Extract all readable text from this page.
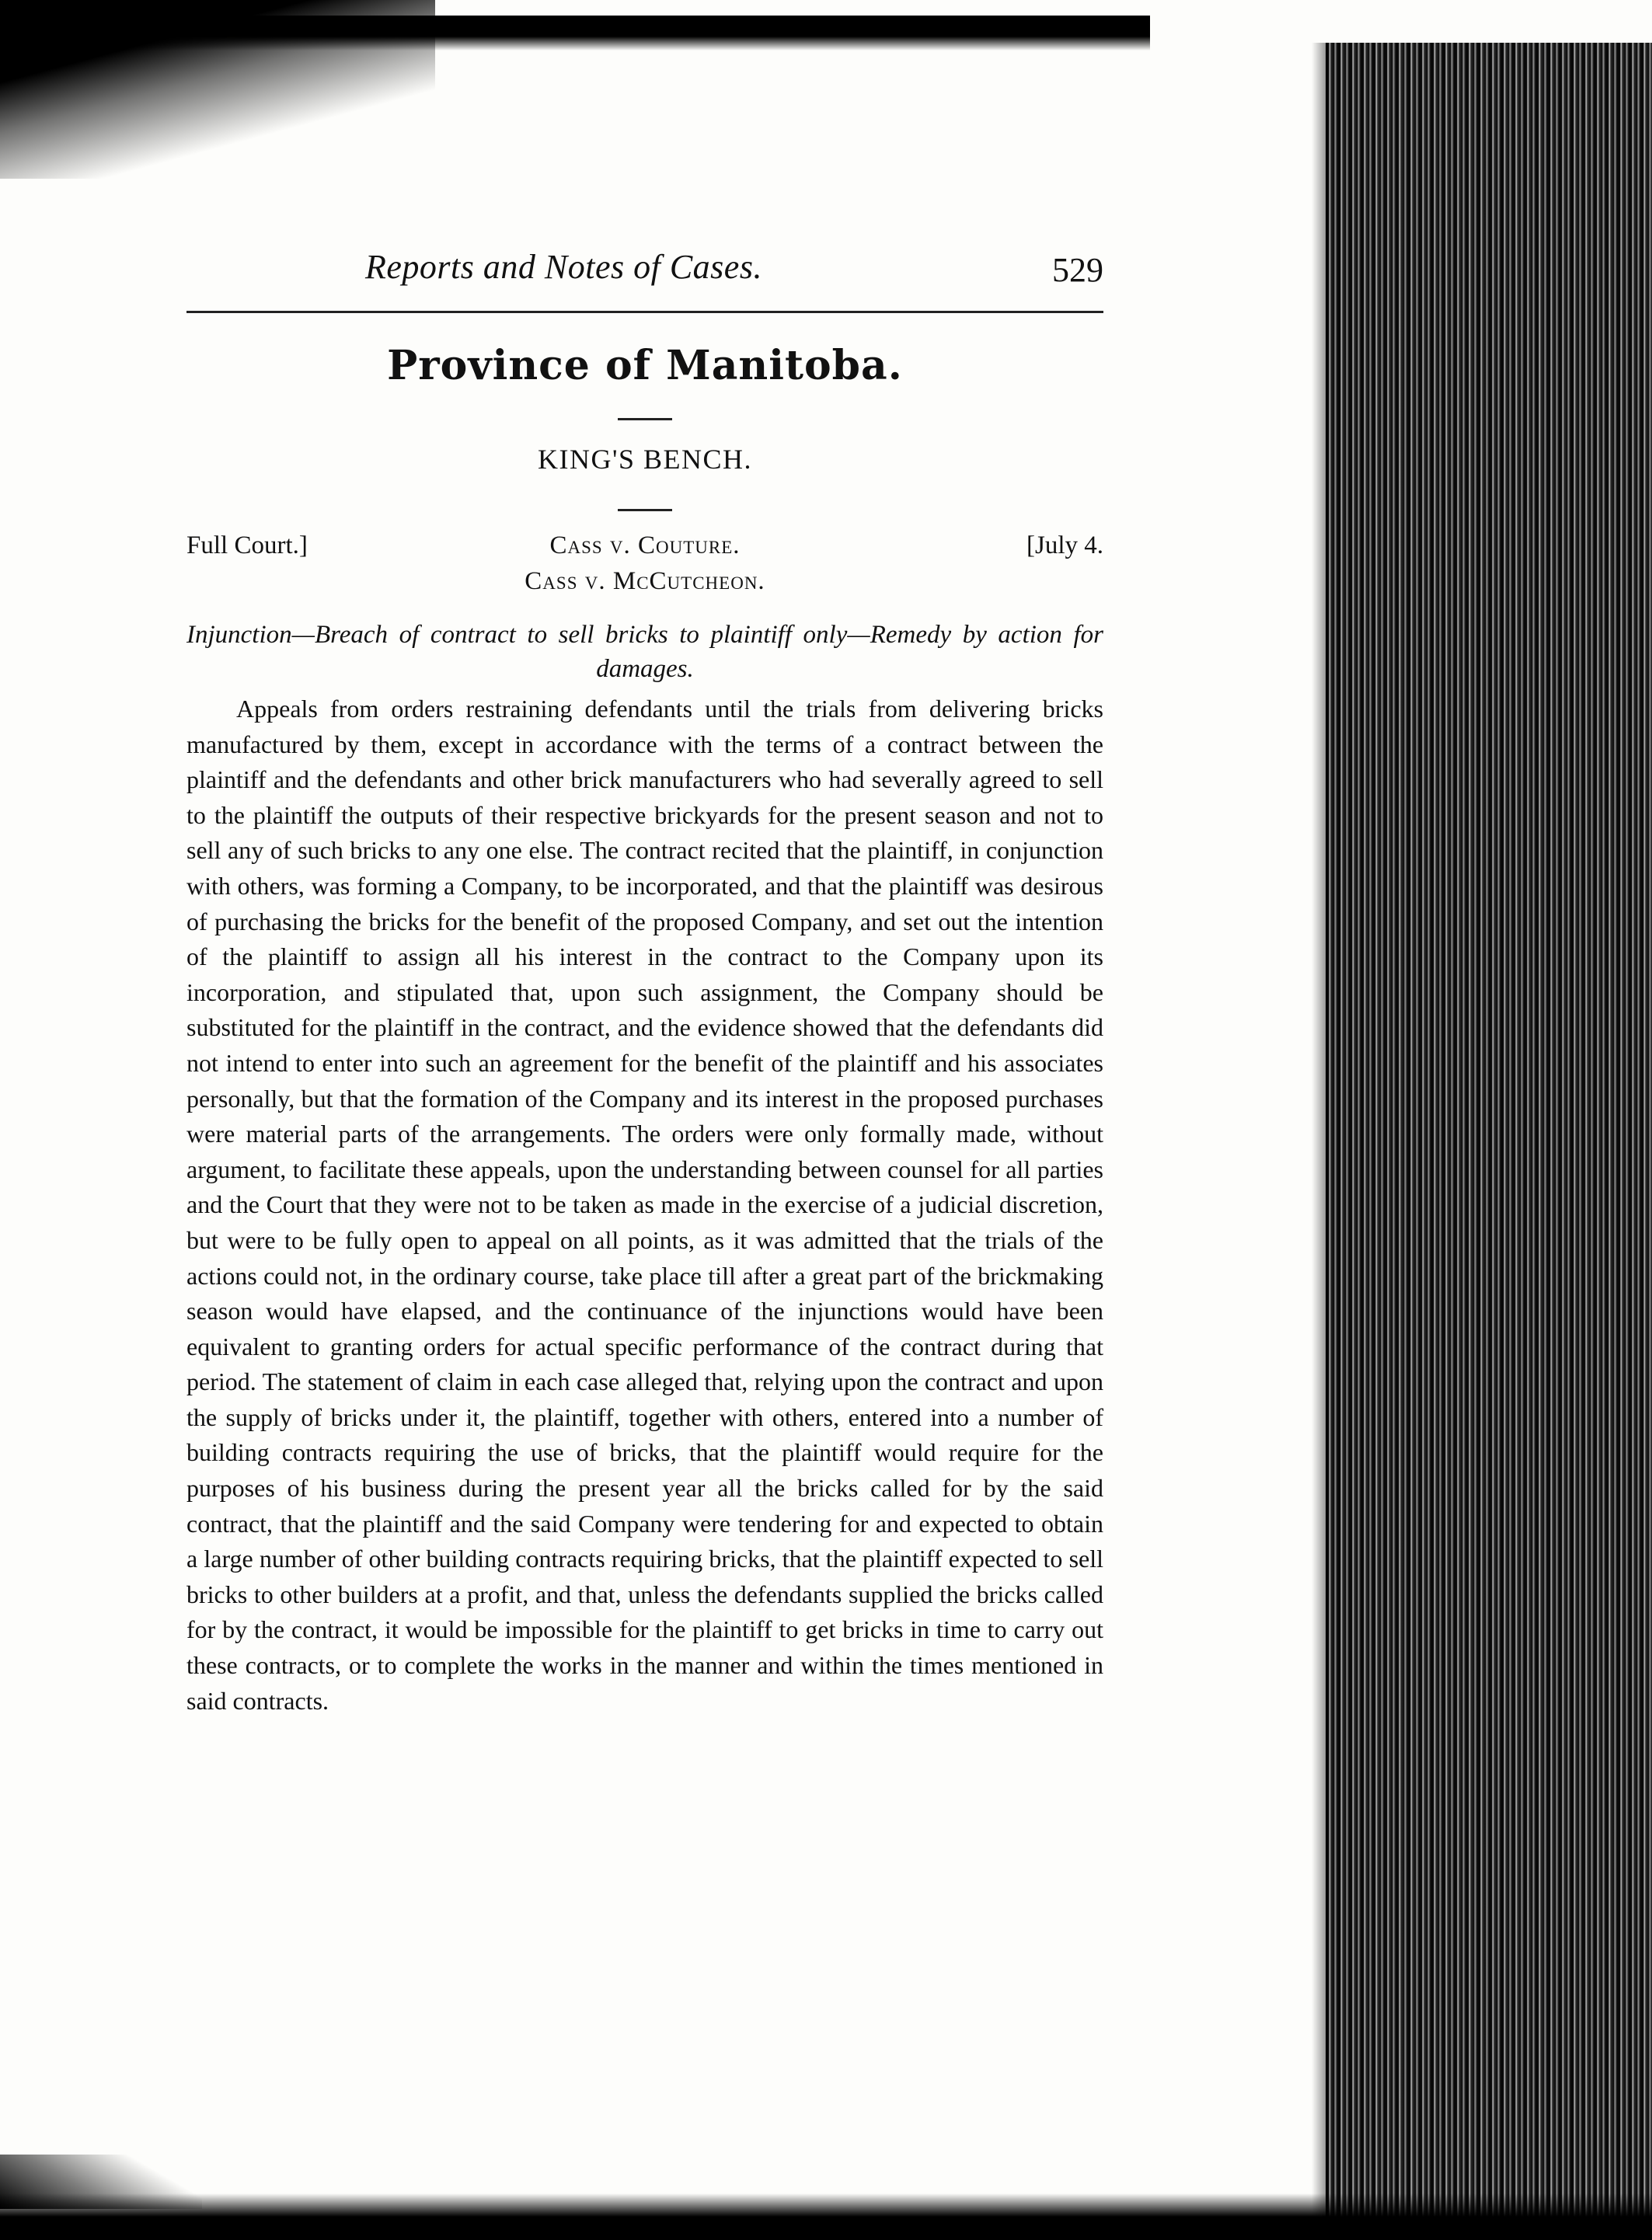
Reports and Notes of Cases.	529
Province of Manitoba.
KING'S BENCH.
Full Court.]	Cass v. Couture.	[July 4.
Cass v. McCutcheon.
Injunction—Breach of contract to sell bricks to plaintiff only—Remedy by action for damages.

Appeals from orders restraining defendants until the trials from delivering bricks manufactured by them, except in accordance with the terms of a contract between the plaintiff and the defendants and other brick manufacturers who had severally agreed to sell to the plaintiff the outputs of their respective brickyards for the present season and not to sell any of such bricks to any one else. The contract recited that the plaintiff, in conjunction with others, was forming a Company, to be incorporated, and that the plaintiff was desirous of purchasing the bricks for the benefit of the proposed Company, and set out the intention of the plaintiff to assign all his interest in the contract to the Company upon its incorporation, and stipulated that, upon such assignment, the Company should be substituted for the plaintiff in the contract, and the evidence showed that the defendants did not intend to enter into such an agreement for the benefit of the plaintiff and his associates personally, but that the formation of the Company and its interest in the proposed purchases were material parts of the arrangements. The orders were only formally made, without argument, to facilitate these appeals, upon the understanding between counsel for all parties and the Court that they were not to be taken as made in the exercise of a judicial discretion, but were to be fully open to appeal on all points, as it was admitted that the trials of the actions could not, in the ordinary course, take place till after a great part of the brickmaking season would have elapsed, and the continuance of the injunctions would have been equivalent to granting orders for actual specific performance of the contract during that period. The statement of claim in each case alleged that, relying upon the contract and upon the supply of bricks under it, the plaintiff, together with others, entered into a number of building contracts requiring the use of bricks, that the plaintiff would require for the purposes of his business during the present year all the bricks called for by the said contract, that the plaintiff and the said Company were tendering for and expected to obtain a large number of other building contracts requiring bricks, that the plaintiff expected to sell bricks to other builders at a profit, and that, unless the defendants supplied the bricks called for by the contract, it would be impossible for the plaintiff to get bricks in time to carry out these contracts, or to complete the works in the manner and within the times mentioned in said contracts.
